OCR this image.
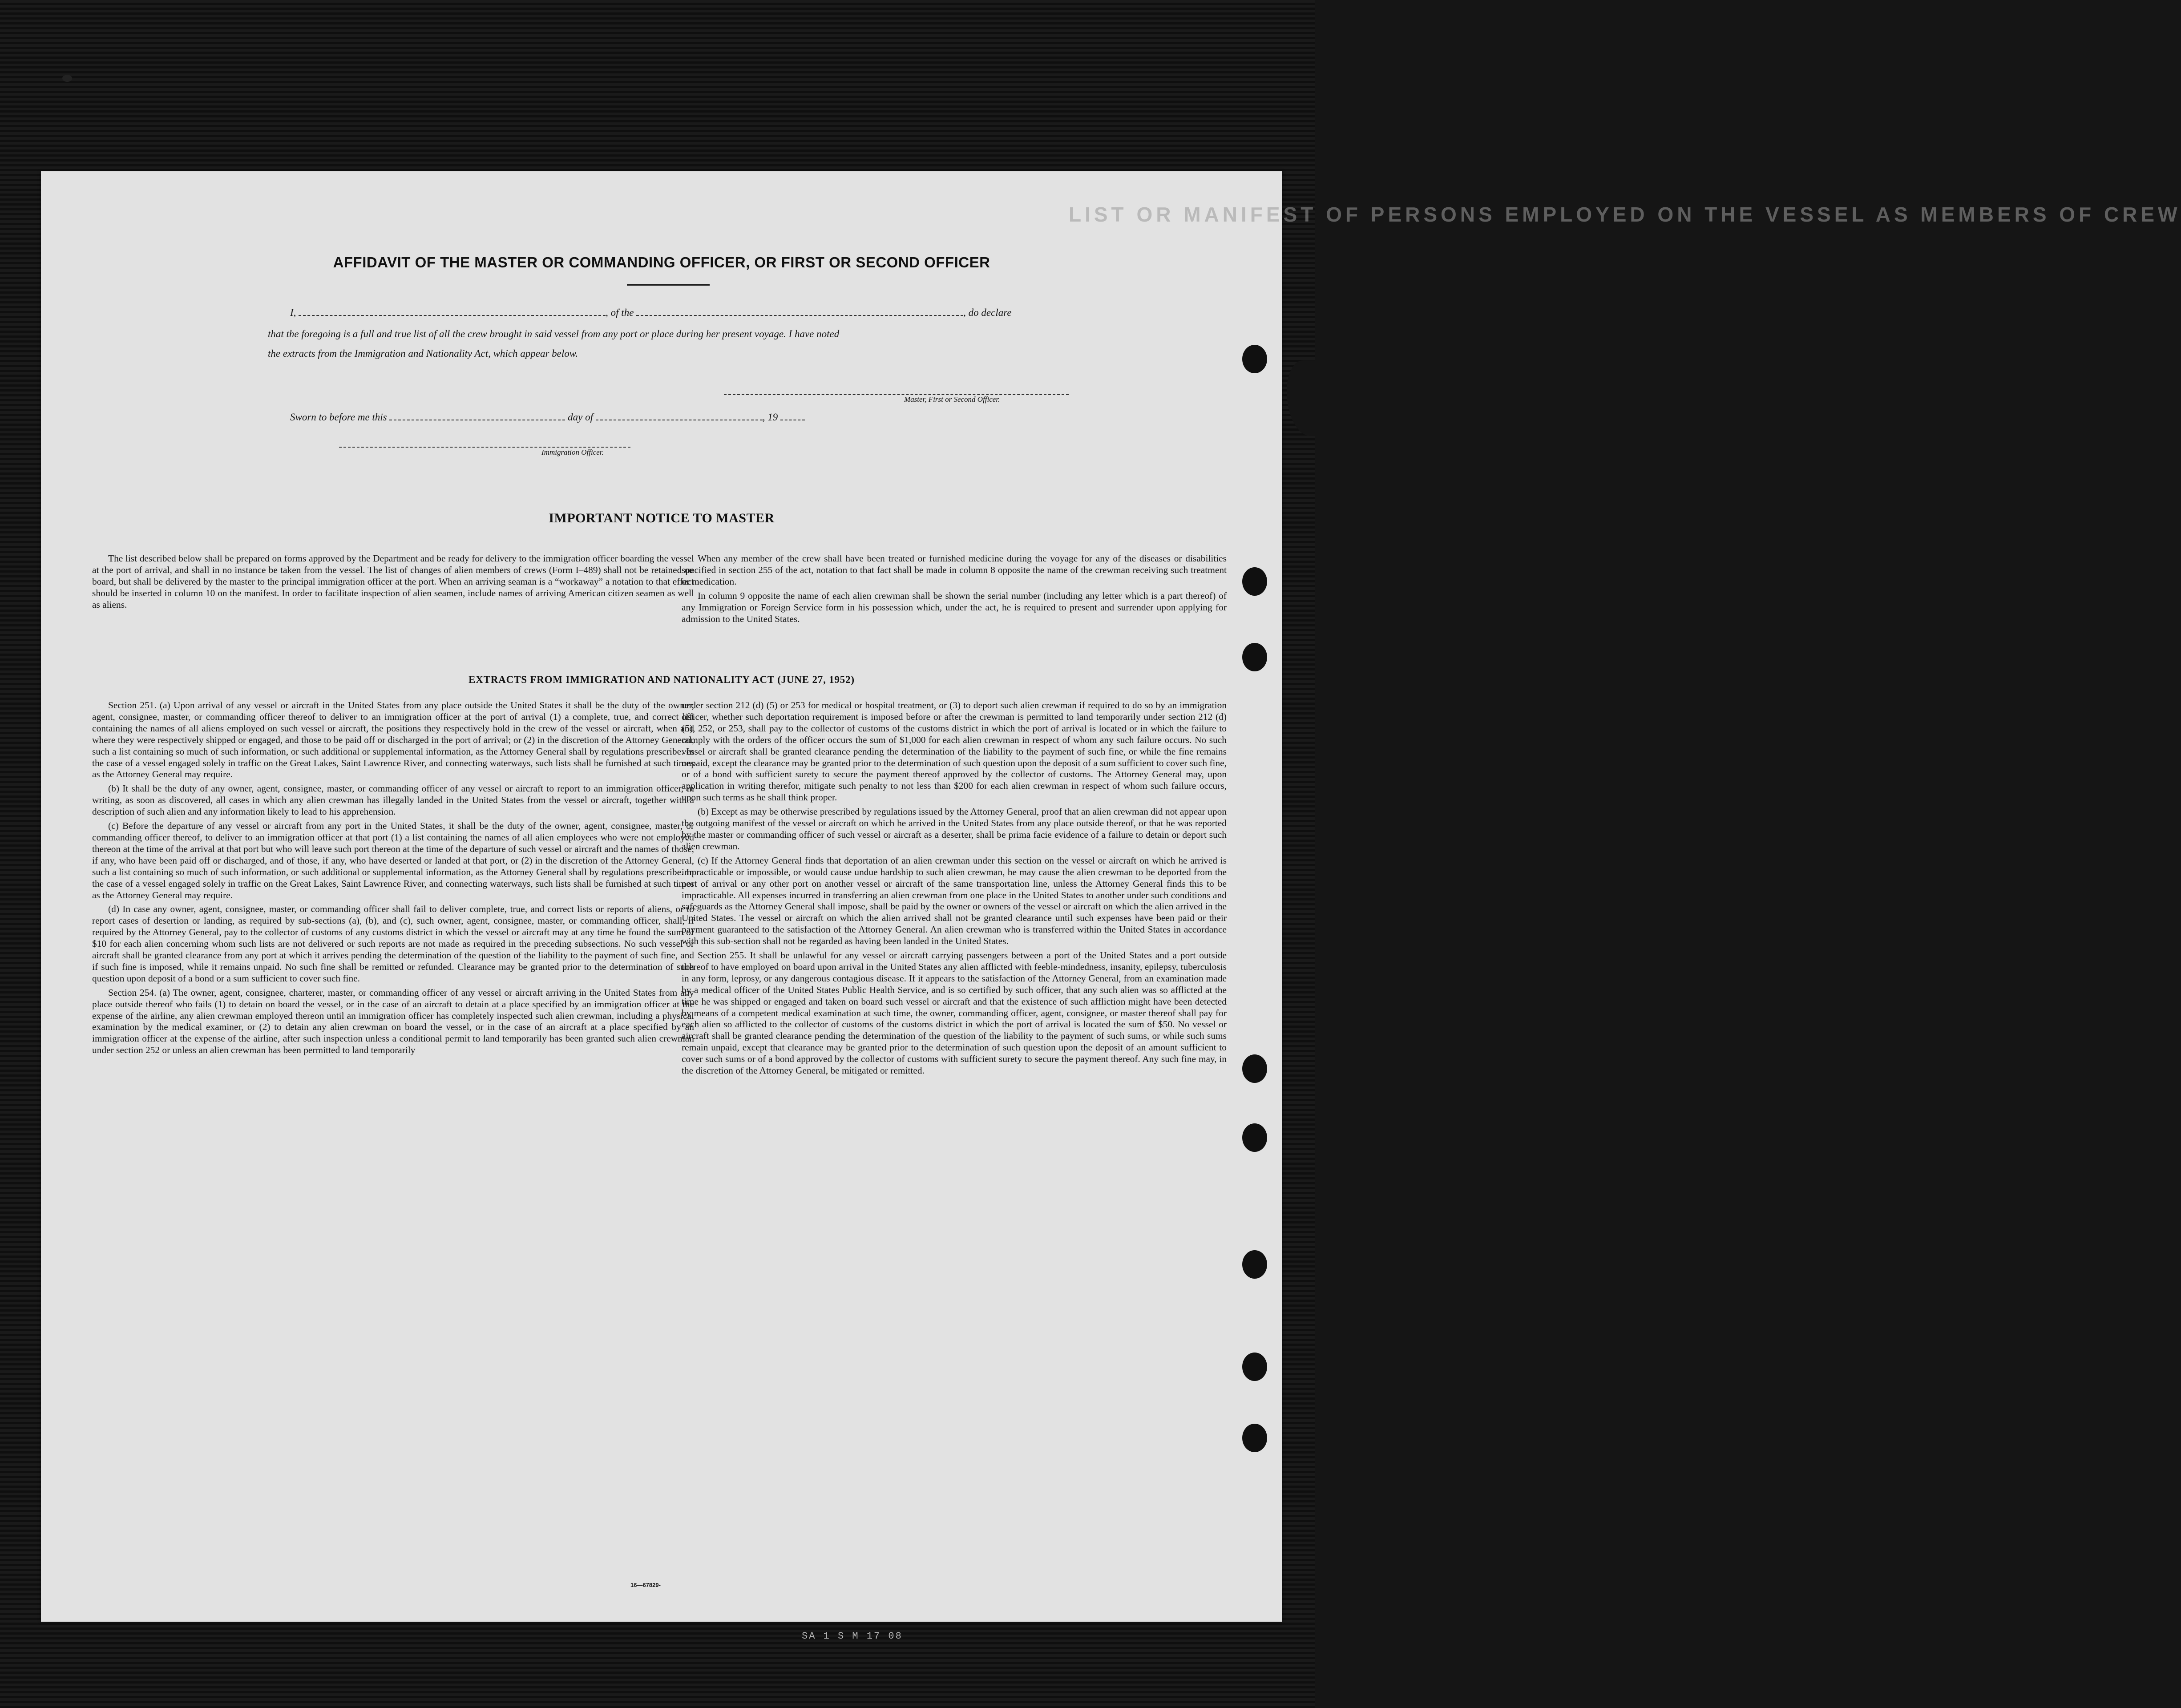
LIST OR MANIFEST OF PERSONS EMPLOYED ON THE VESSEL AS MEMBERS OF CREW
AFFIDAVIT OF THE MASTER OR COMMANDING OFFICER, OR FIRST OR SECOND OFFICER
I,	, of the	, do declare
that the foregoing is a full and true list of all the crew brought in said vessel from any port or place during her present voyage. I have noted
the extracts from the Immigration and Nationality Act, which appear below.
Master, First or Second Officer.
Sworn to before me this	day of	, 19
Immigration Officer.
IMPORTANT NOTICE TO MASTER

The list described below shall be prepared on forms approved by the Department and be ready for delivery to the immigration officer boarding the vessel at the port of arrival, and shall in no instance be taken from the vessel. The list of changes of alien members of crews (Form I–489) shall not be retained on board, but shall be delivered by the master to the principal immigration officer at the port. When an arriving seaman is a “workaway” a notation to that effect should be inserted in column 10 on the manifest. In order to facilitate inspection of alien seamen, include names of arriving American citizen seamen as well as aliens.

When any member of the crew shall have been treated or furnished medicine during the voyage for any of the diseases or disabilities specified in section 255 of the act, notation to that fact shall be made in column 8 opposite the name of the crewman receiving such treatment or medication.

In column 9 opposite the name of each alien crewman shall be shown the serial number (including any letter which is a part thereof) of any Immigration or Foreign Service form in his possession which, under the act, he is required to present and surrender upon applying for admission to the United States.

EXTRACTS FROM IMMIGRATION AND NATIONALITY ACT (JUNE 27, 1952)

Section 251. (a) Upon arrival of any vessel or aircraft in the United States from any place outside the United States it shall be the duty of the owner, agent, consignee, master, or commanding officer thereof to deliver to an immigration officer at the port of arrival (1) a complete, true, and correct list containing the names of all aliens employed on such vessel or aircraft, the positions they respectively hold in the crew of the vessel or aircraft, when and where they were respectively shipped or engaged, and those to be paid off or discharged in the port of arrival; or (2) in the discretion of the Attorney General, such a list containing so much of such information, or such additional or supplemental information, as the Attorney General shall by regulations prescribe. In the case of a vessel engaged solely in traffic on the Great Lakes, Saint Lawrence River, and connecting waterways, such lists shall be furnished at such times as the Attorney General may require.

(b) It shall be the duty of any owner, agent, consignee, master, or commanding officer of any vessel or aircraft to report to an immigration officer, in writing, as soon as discovered, all cases in which any alien crewman has illegally landed in the United States from the vessel or aircraft, together with a description of such alien and any information likely to lead to his apprehension.

(c) Before the departure of any vessel or aircraft from any port in the United States, it shall be the duty of the owner, agent, consignee, master, or commanding officer thereof, to deliver to an immigration officer at that port (1) a list containing the names of all alien employees who were not employed thereon at the time of the arrival at that port but who will leave such port thereon at the time of the departure of such vessel or aircraft and the names of those, if any, who have been paid off or discharged, and of those, if any, who have deserted or landed at that port, or (2) in the discretion of the Attorney General, such a list containing so much of such information, or such additional or supplemental information, as the Attorney General shall by regulations prescribe. In the case of a vessel engaged solely in traffic on the Great Lakes, Saint Lawrence River, and connecting waterways, such lists shall be furnished at such times as the Attorney General may require.

(d) In case any owner, agent, consignee, master, or commanding officer shall fail to deliver complete, true, and correct lists or reports of aliens, or to report cases of desertion or landing, as required by sub-sections (a), (b), and (c), such owner, agent, consignee, master, or commanding officer, shall, if required by the Attorney General, pay to the collector of customs of any customs district in which the vessel or aircraft may at any time be found the sum of $10 for each alien concerning whom such lists are not delivered or such reports are not made as required in the preceding subsections. No such vessel or aircraft shall be granted clearance from any port at which it arrives pending the determination of the question of the liability to the payment of such fine, and if such fine is imposed, while it remains unpaid. No such fine shall be remitted or refunded. Clearance may be granted prior to the determination of such question upon deposit of a bond or a sum sufficient to cover such fine.

Section 254. (a) The owner, agent, consignee, charterer, master, or commanding officer of any vessel or aircraft arriving in the United States from any place outside thereof who fails (1) to detain on board the vessel, or in the case of an aircraft to detain at a place specified by an immigration officer at the expense of the airline, any alien crewman employed thereon until an immigration officer has completely inspected such alien crewman, including a physical examination by the medical examiner, or (2) to detain any alien crewman on board the vessel, or in the case of an aircraft at a place specified by an immigration officer at the expense of the airline, after such inspection unless a conditional permit to land temporarily has been granted such alien crewman under section 252 or unless an alien crewman has been permitted to land temporarily

under section 212 (d) (5) or 253 for medical or hospital treatment, or (3) to deport such alien crewman if required to do so by an immigration officer, whether such deportation requirement is imposed before or after the crewman is permitted to land temporarily under section 212 (d) (5), 252, or 253, shall pay to the collector of customs of the customs district in which the port of arrival is located or in which the failure to comply with the orders of the officer occurs the sum of $1,000 for each alien crewman in respect of whom any such failure occurs. No such vessel or aircraft shall be granted clearance pending the determination of the liability to the payment of such fine, or while the fine remains unpaid, except the clearance may be granted prior to the determination of such question upon the deposit of a sum sufficient to cover such fine, or of a bond with sufficient surety to secure the payment thereof approved by the collector of customs. The Attorney General may, upon application in writing therefor, mitigate such penalty to not less than $200 for each alien crewman in respect of whom such failure occurs, upon such terms as he shall think proper.

(b) Except as may be otherwise prescribed by regulations issued by the Attorney General, proof that an alien crewman did not appear upon the outgoing manifest of the vessel or aircraft on which he arrived in the United States from any place outside thereof, or that he was reported by the master or commanding officer of such vessel or aircraft as a deserter, shall be prima facie evidence of a failure to detain or deport such alien crewman.

(c) If the Attorney General finds that deportation of an alien crewman under this section on the vessel or aircraft on which he arrived is impracticable or impossible, or would cause undue hardship to such alien crewman, he may cause the alien crewman to be deported from the port of arrival or any other port on another vessel or aircraft of the same transportation line, unless the Attorney General finds this to be impracticable. All expenses incurred in transferring an alien crewman from one place in the United States to another under such conditions and safeguards as the Attorney General shall impose, shall be paid by the owner or owners of the vessel or aircraft on which the alien arrived in the United States. The vessel or aircraft on which the alien arrived shall not be granted clearance until such expenses have been paid or their payment guaranteed to the satisfaction of the Attorney General. An alien crewman who is transferred within the United States in accordance with this sub-section shall not be regarded as having been landed in the United States.

Section 255. It shall be unlawful for any vessel or aircraft carrying passengers between a port of the United States and a port outside thereof to have employed on board upon arrival in the United States any alien afflicted with feeble-mindedness, insanity, epilepsy, tuberculosis in any form, leprosy, or any dangerous contagious disease. If it appears to the satisfaction of the Attorney General, from an examination made by a medical officer of the United States Public Health Service, and is so certified by such officer, that any such alien was so afflicted at the time he was shipped or engaged and taken on board such vessel or aircraft and that the existence of such affliction might have been detected by means of a competent medical examination at such time, the owner, commanding officer, agent, consignee, or master thereof shall pay for each alien so afflicted to the collector of customs of the customs district in which the port of arrival is located the sum of $50. No vessel or aircraft shall be granted clearance pending the determination of the question of the liability to the payment of such sums, or while such sums remain unpaid, except that clearance may be granted prior to the determination of such question upon the deposit of an amount sufficient to cover such sums or of a bond approved by the collector of customs with sufficient surety to secure the payment thereof. Any such fine may, in the discretion of the Attorney General, be mitigated or remitted.

16—67829-
SA 1 S M 17 08
